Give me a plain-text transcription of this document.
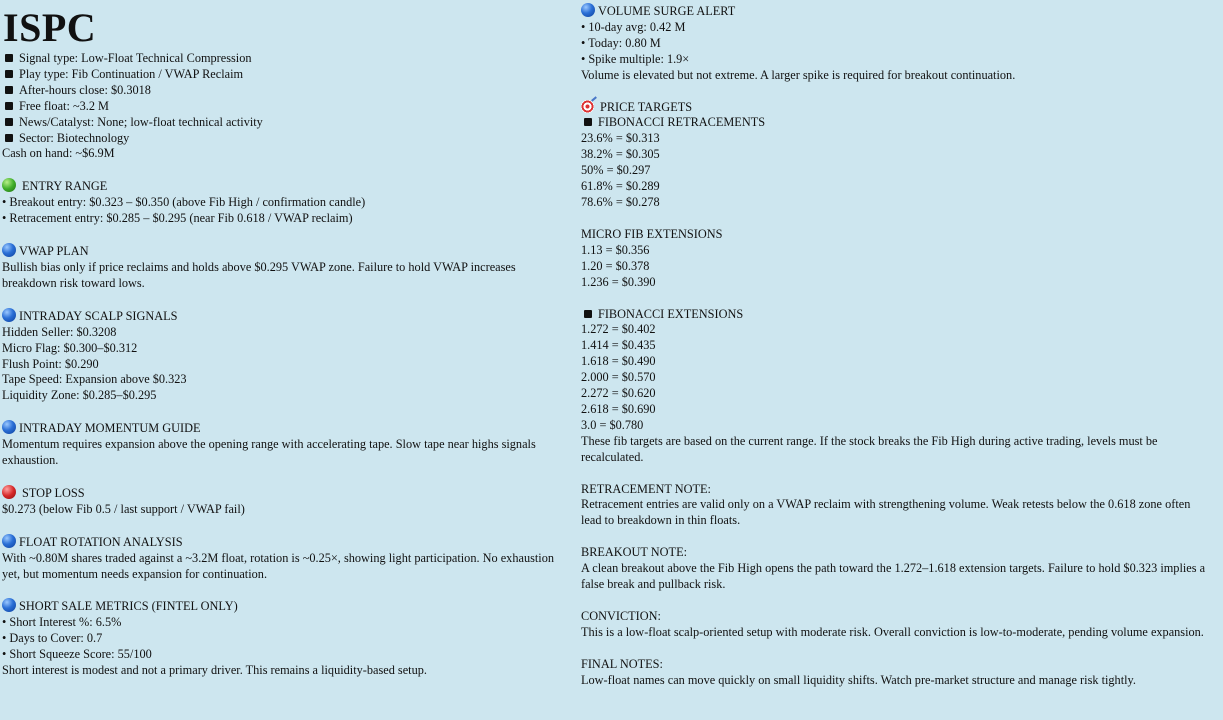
ISPC
Signal type: Low-Float Technical Compression
Play type: Fib Continuation / VWAP Reclaim
After-hours close: $0.3018
Free float: ~3.2 M
News/Catalyst: None; low-float technical activity
Sector: Biotechnology
Cash on hand: ~$6.9M
ENTRY RANGE
• Breakout entry: $0.323 – $0.350 (above Fib High / confirmation candle)
• Retracement entry: $0.285 – $0.295 (near Fib 0.618 / VWAP reclaim)
VWAP PLAN
Bullish bias only if price reclaims and holds above $0.295 VWAP zone. Failure to hold VWAP increases breakdown risk toward lows.
INTRADAY SCALP SIGNALS
Hidden Seller: $0.3208
Micro Flag: $0.300–$0.312
Flush Point: $0.290
Tape Speed: Expansion above $0.323
Liquidity Zone: $0.285–$0.295
INTRADAY MOMENTUM GUIDE
Momentum requires expansion above the opening range with accelerating tape. Slow tape near highs signals exhaustion.
STOP LOSS
$0.273 (below Fib 0.5 / last support / VWAP fail)
FLOAT ROTATION ANALYSIS
With ~0.80M shares traded against a ~3.2M float, rotation is ~0.25×, showing light participation. No exhaustion yet, but momentum needs expansion for continuation.
SHORT SALE METRICS (FINTEL ONLY)
• Short Interest %: 6.5%
• Days to Cover: 0.7
• Short Squeeze Score: 55/100
Short interest is modest and not a primary driver. This remains a liquidity-based setup.
VOLUME SURGE ALERT
• 10-day avg: 0.42 M
• Today: 0.80 M
• Spike multiple: 1.9×
Volume is elevated but not extreme. A larger spike is required for breakout continuation.
PRICE TARGETS
FIBONACCI RETRACEMENTS
23.6% = $0.313
38.2% = $0.305
50% = $0.297
61.8% = $0.289
78.6% = $0.278
MICRO FIB EXTENSIONS
1.13 = $0.356
1.20 = $0.378
1.236 = $0.390
FIBONACCI EXTENSIONS
1.272 = $0.402
1.414 = $0.435
1.618 = $0.490
2.000 = $0.570
2.272 = $0.620
2.618 = $0.690
3.0 = $0.780
These fib targets are based on the current range. If the stock breaks the Fib High during active trading, levels must be recalculated.
RETRACEMENT NOTE:
Retracement entries are valid only on a VWAP reclaim with strengthening volume. Weak retests below the 0.618 zone often lead to breakdown in thin floats.
BREAKOUT NOTE:
A clean breakout above the Fib High opens the path toward the 1.272–1.618 extension targets. Failure to hold $0.323 implies a false break and pullback risk.
CONVICTION:
This is a low-float scalp-oriented setup with moderate risk. Overall conviction is low-to-moderate, pending volume expansion.
FINAL NOTES:
Low-float names can move quickly on small liquidity shifts. Watch pre-market structure and manage risk tightly.
